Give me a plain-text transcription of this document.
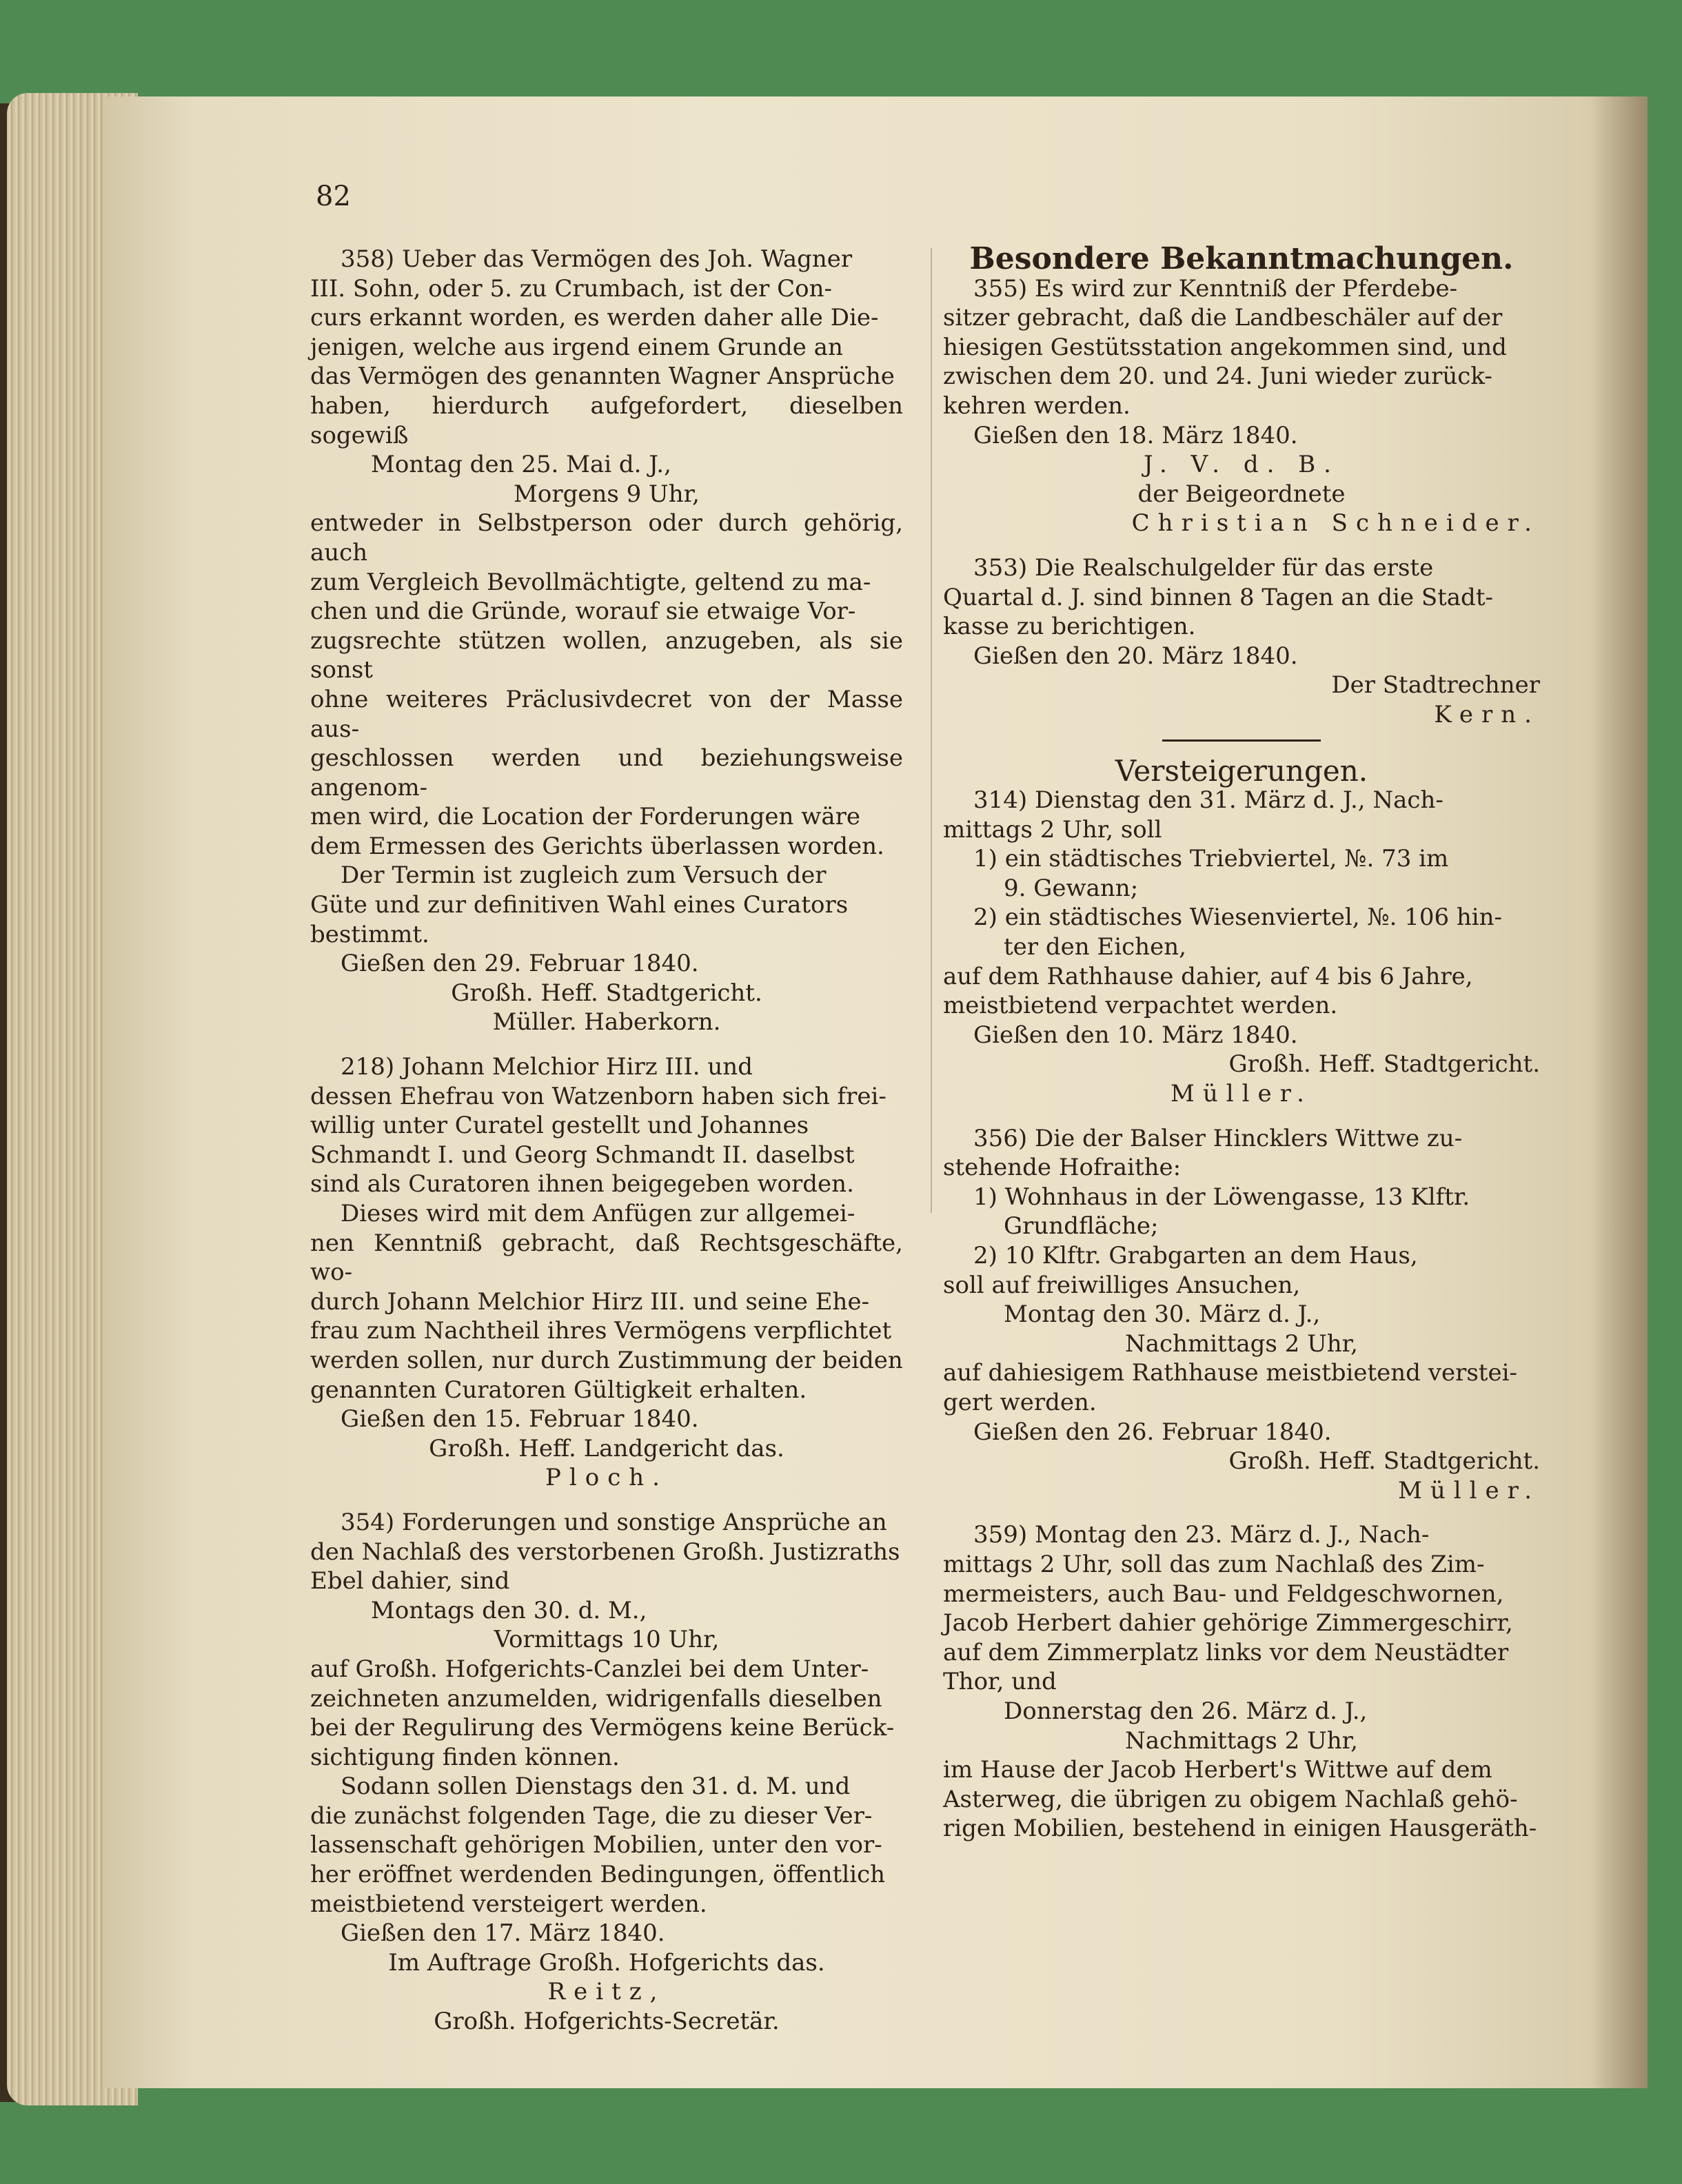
82

358) Ueber das Vermögen des Joh. Wagner

III. Sohn, oder 5. zu Crumbach, ist der Con-

curs erkannt worden, es werden daher alle Die-

jenigen, welche aus irgend einem Grunde an

das Vermögen des genannten Wagner Ansprüche

haben, hierdurch aufgefordert, dieselben sogewiß

Montag den 25. Mai d. J.,

Morgens 9 Uhr,

entweder in Selbstperson oder durch gehörig, auch

zum Vergleich Bevollmächtigte, geltend zu ma-

chen und die Gründe, worauf sie etwaige Vor-

zugsrechte stützen wollen, anzugeben, als sie sonst

ohne weiteres Präclusivdecret von der Masse aus-

geschlossen werden und beziehungsweise angenom-

men wird, die Location der Forderungen wäre

dem Ermessen des Gerichts überlassen worden.

Der Termin ist zugleich zum Versuch der

Güte und zur definitiven Wahl eines Curators

bestimmt.

Gießen den 29. Februar 1840.

Großh. Heff. Stadtgericht.

Müller. Haberkorn.

218) Johann Melchior Hirz III. und

dessen Ehefrau von Watzenborn haben sich frei-

willig unter Curatel gestellt und Johannes

Schmandt I. und Georg Schmandt II. daselbst

sind als Curatoren ihnen beigegeben worden.

Dieses wird mit dem Anfügen zur allgemei-

nen Kenntniß gebracht, daß Rechtsgeschäfte, wo-

durch Johann Melchior Hirz III. und seine Ehe-

frau zum Nachtheil ihres Vermögens verpflichtet

werden sollen, nur durch Zustimmung der beiden

genannten Curatoren Gültigkeit erhalten.

Gießen den 15. Februar 1840.

Großh. Heff. Landgericht das.

Ploch.

354) Forderungen und sonstige Ansprüche an

den Nachlaß des verstorbenen Großh. Justizraths

Ebel dahier, sind

Montags den 30. d. M.,

Vormittags 10 Uhr,

auf Großh. Hofgerichts-Canzlei bei dem Unter-

zeichneten anzumelden, widrigenfalls dieselben

bei der Regulirung des Vermögens keine Berück-

sichtigung finden können.

Sodann sollen Dienstags den 31. d. M. und

die zunächst folgenden Tage, die zu dieser Ver-

lassenschaft gehörigen Mobilien, unter den vor-

her eröffnet werdenden Bedingungen, öffentlich

meistbietend versteigert werden.

Gießen den 17. März 1840.

Im Auftrage Großh. Hofgerichts das.

Reitz,

Großh. Hofgerichts-Secretär.

Besondere Bekanntmachungen.

355) Es wird zur Kenntniß der Pferdebe-

sitzer gebracht, daß die Landbeschäler auf der

hiesigen Gestütsstation angekommen sind, und

zwischen dem 20. und 24. Juni wieder zurück-

kehren werden.

Gießen den 18. März 1840.

J. V. d. B.

der Beigeordnete

Christian Schneider.

353) Die Realschulgelder für das erste

Quartal d. J. sind binnen 8 Tagen an die Stadt-

kasse zu berichtigen.

Gießen den 20. März 1840.

Der Stadtrechner

Kern.

Versteigerungen.

314) Dienstag den 31. März d. J., Nach-

mittags 2 Uhr, soll

1) ein städtisches Triebviertel, №. 73 im

9. Gewann;

2) ein städtisches Wiesenviertel, №. 106 hin-

ter den Eichen,

auf dem Rathhause dahier, auf 4 bis 6 Jahre,

meistbietend verpachtet werden.

Gießen den 10. März 1840.

Großh. Heff. Stadtgericht.

Müller.

356) Die der Balser Hincklers Wittwe zu-

stehende Hofraithe:

1) Wohnhaus in der Löwengasse, 13 Klftr.

Grundfläche;

2) 10 Klftr. Grabgarten an dem Haus,

soll auf freiwilliges Ansuchen,

Montag den 30. März d. J.,

Nachmittags 2 Uhr,

auf dahiesigem Rathhause meistbietend verstei-

gert werden.

Gießen den 26. Februar 1840.

Großh. Heff. Stadtgericht.

Müller.

359) Montag den 23. März d. J., Nach-

mittags 2 Uhr, soll das zum Nachlaß des Zim-

mermeisters, auch Bau- und Feldgeschwornen,

Jacob Herbert dahier gehörige Zimmergeschirr,

auf dem Zimmerplatz links vor dem Neustädter

Thor, und

Donnerstag den 26. März d. J.,

Nachmittags 2 Uhr,

im Hause der Jacob Herbert's Wittwe auf dem

Asterweg, die übrigen zu obigem Nachlaß gehö-

rigen Mobilien, bestehend in einigen Hausgeräth-
